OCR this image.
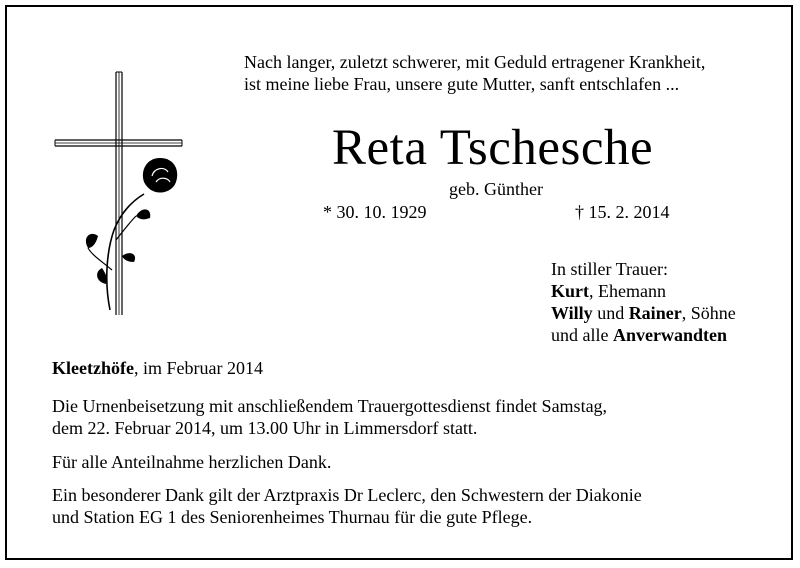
Nach langer, zuletzt schwerer, mit Geduld ertragener Krankheit,
ist meine liebe Frau, unsere gute Mutter, sanft entschlafen ...
Reta Tschesche
geb. Günther
* 30. 10. 1929	† 15. 2. 2014
In stiller Trauer:
Kurt, Ehemann
Willy und Rainer, Söhne
und alle Anverwandten
Kleetzhöfe, im Februar 2014
Die Urnenbeisetzung mit anschließendem Trauergottesdienst findet Samstag,
dem 22. Februar 2014, um 13.00 Uhr in Limmersdorf statt.
Für alle Anteilnahme herzlichen Dank.
Ein besonderer Dank gilt der Arztpraxis Dr Leclerc, den Schwestern der Diakonie
und Station EG 1 des Seniorenheimes Thurnau für die gute Pflege.
